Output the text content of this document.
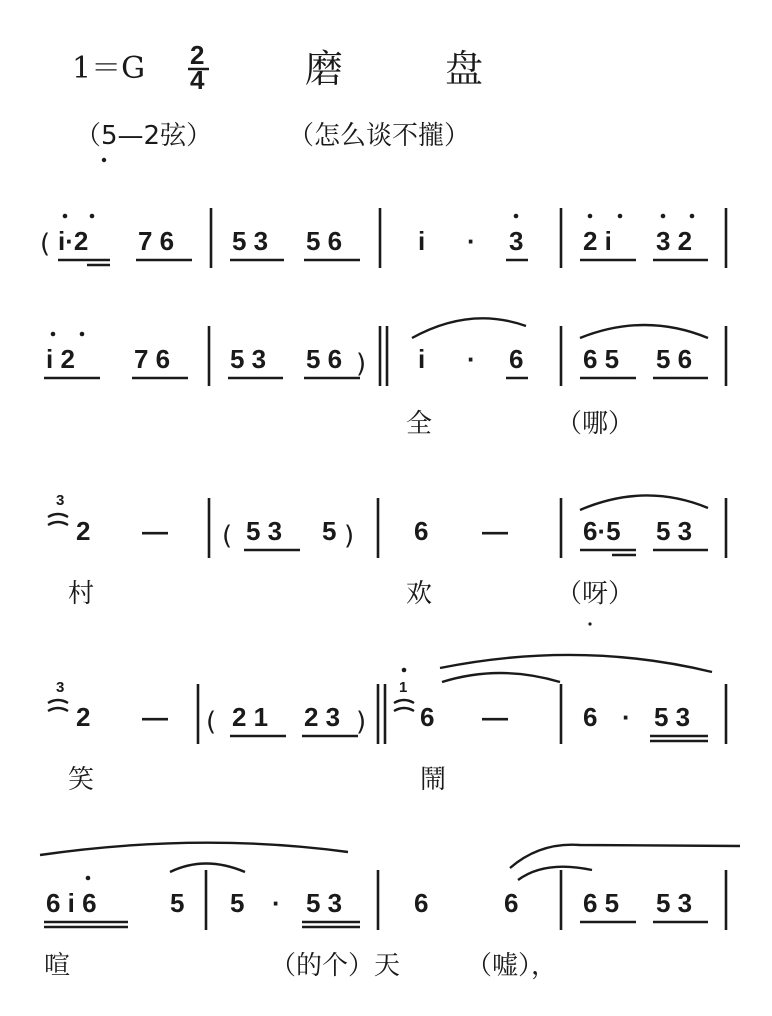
1＝G 2
4	磨	盘
（5—2弦）	（怎么谈不攏）
( i·2 7 6 5 3 5 6	i · 3 2 i 3 2
i 2 7 6 5 3 5 6 ) i · 6 6 5 5 6
全	（哪）
3
2 — ( 5 3 5 ) 6 —	6·5 5 3
村	欢	（呀）
3
2 — ( 2 1 2 3 )
1
6 —	6 · 5 3
笑	鬧
6 i 6	5 5 · 5 3	6	6 6 5 5 3
喧	（的个）天	（嘘），
